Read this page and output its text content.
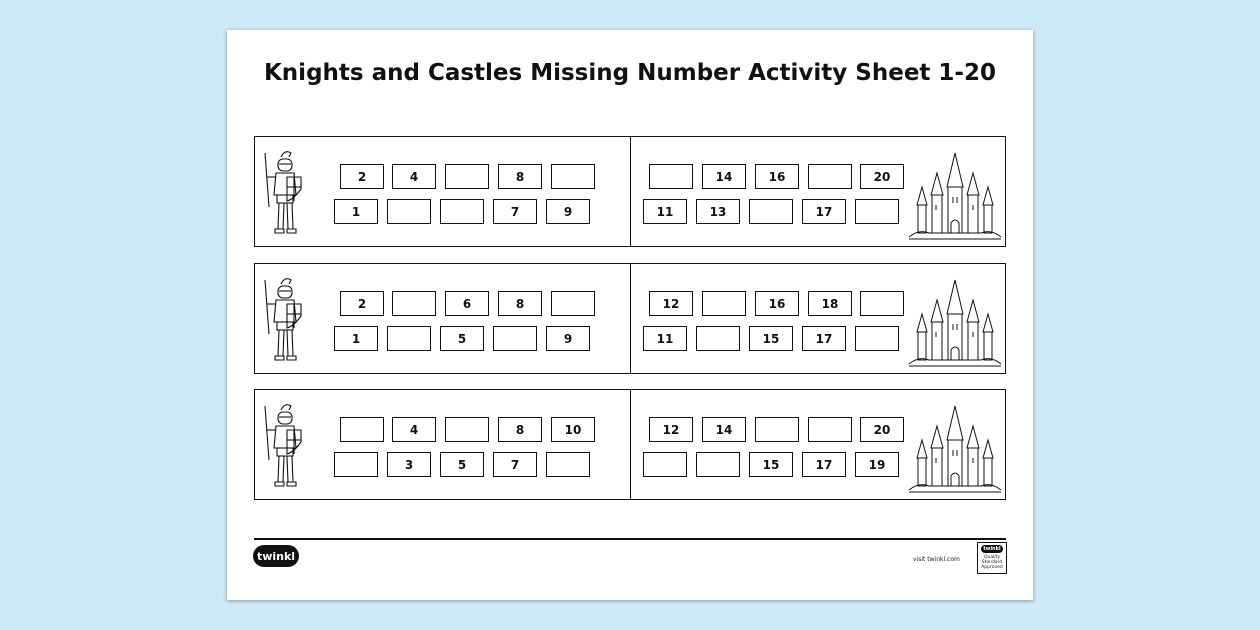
Knights and Castles Missing Number Activity Sheet 1-20
2	4	8
1	7	9
14	16	20
11	13	17
2	6	8
1	5	9
12	16	18
11	15	17
4	8	10
3	5	7
12	14	20
15	17	19
twinkl	visit twinkl.com
twinkl
Quality Standard Approved
